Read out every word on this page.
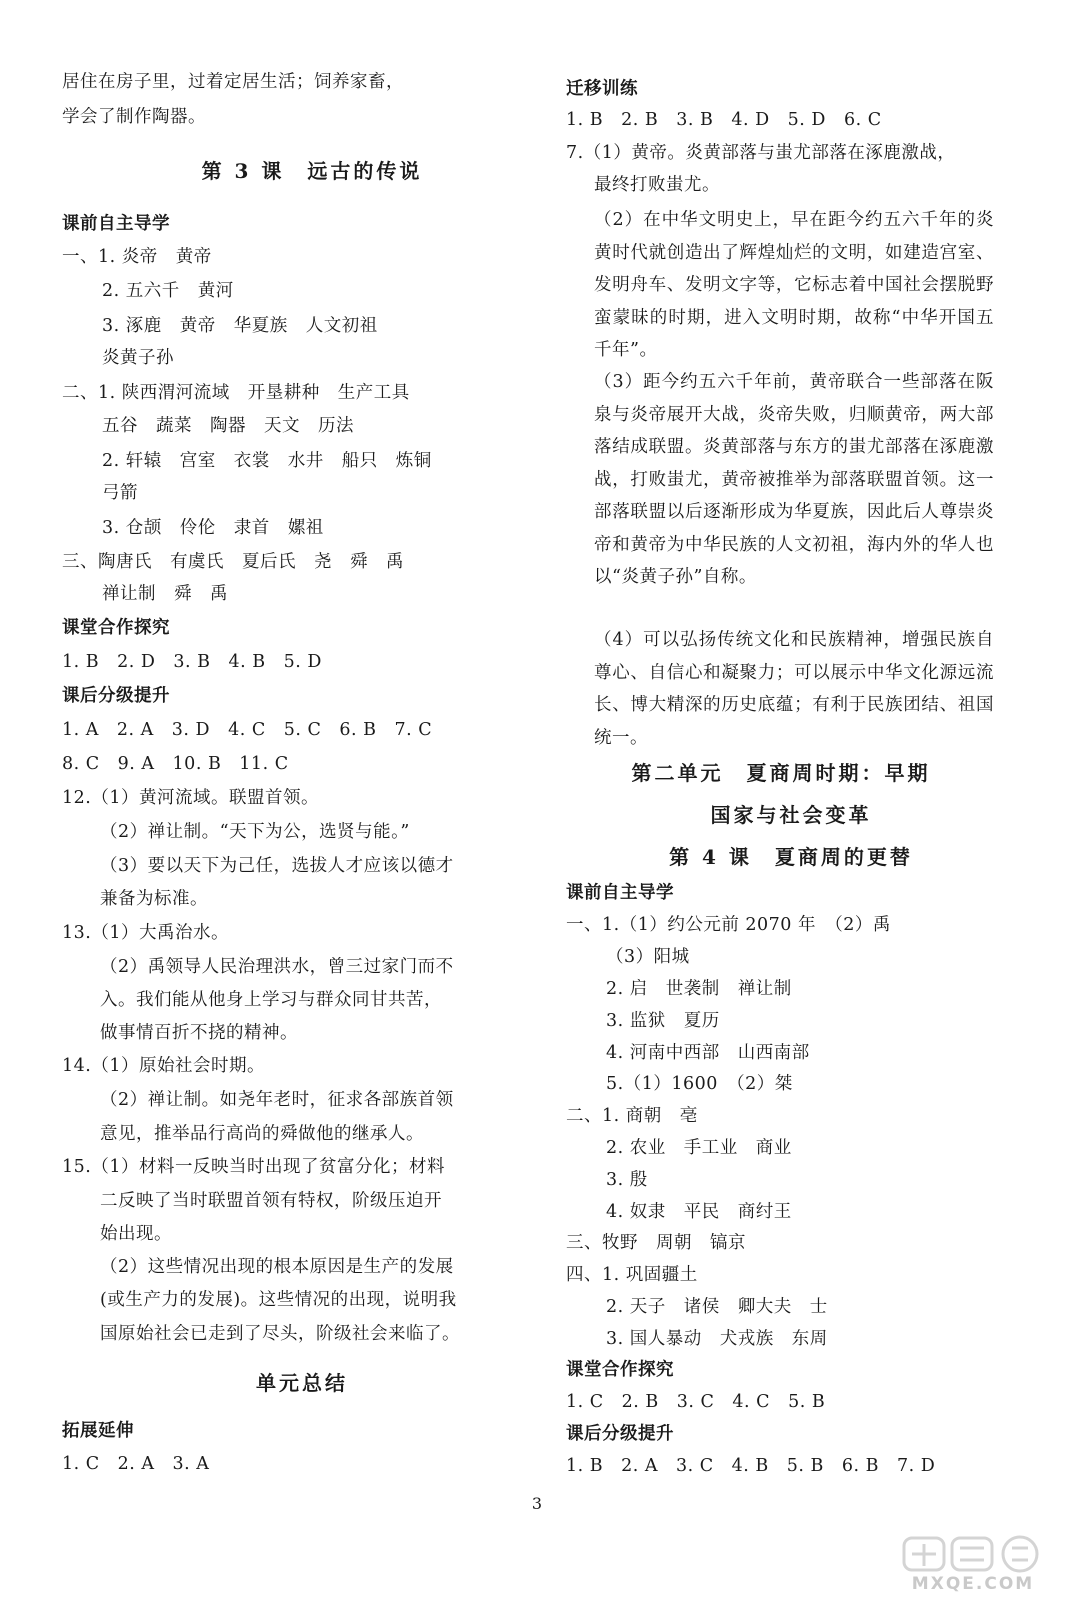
居住在房子里，过着定居生活；饲养家畜，
学会了制作陶器。
第 3 课　远古的传说
课前自主导学
一、1. 炎帝　黄帝
2. 五六千　黄河
3. 涿鹿　黄帝　华夏族　人文初祖
炎黄子孙
二、1. 陕西渭河流域　开垦耕种　生产工具
五谷　蔬菜　陶器　天文　历法
2. 轩辕　宫室　衣裳　水井　船只　炼铜
弓箭
3. 仓颉　伶伦　隶首　嫘祖
三、陶唐氏　有虞氏　夏后氏　尧　舜　禹
禅让制　舜　禹
课堂合作探究
1. B　2. D　3. B　4. B　5. D
课后分级提升
1. A　2. A　3. D　4. C　5. C　6. B　7. C
8. C　9. A　10. B　11. C
12.（1）黄河流域。联盟首领。
（2）禅让制。“天下为公，选贤与能。”
（3）要以天下为己任，选拔人才应该以德才
兼备为标准。
13.（1）大禹治水。
（2）禹领导人民治理洪水，曾三过家门而不
入。我们能从他身上学习与群众同甘共苦，
做事情百折不挠的精神。
14.（1）原始社会时期。
（2）禅让制。如尧年老时，征求各部族首领
意见，推举品行高尚的舜做他的继承人。
15.（1）材料一反映当时出现了贫富分化；材料
二反映了当时联盟首领有特权，阶级压迫开
始出现。
（2）这些情况出现的根本原因是生产的发展
(或生产力的发展)。这些情况的出现，说明我
国原始社会已走到了尽头，阶级社会来临了。
单元总结
拓展延伸
1. C　2. A　3. A
迁移训练
1. B　2. B　3. B　4. D　5. D　6. C
7.（1）黄帝。炎黄部落与蚩尤部落在涿鹿激战，
最终打败蚩尤。
（2）在中华文明史上，早在距今约五六千年的炎黄时代就创造出了辉煌灿烂的文明，如建造宫室、发明舟车、发明文字等，它标志着中国社会摆脱野蛮蒙昧的时期，进入文明时期，故称“中华开国五千年”。
（3）距今约五六千年前，黄帝联合一些部落在阪泉与炎帝展开大战，炎帝失败，归顺黄帝，两大部落结成联盟。炎黄部落与东方的蚩尤部落在涿鹿激战，打败蚩尤，黄帝被推举为部落联盟首领。这一部落联盟以后逐渐形成为华夏族，因此后人尊崇炎帝和黄帝为中华民族的人文初祖，海内外的华人也以“炎黄子孙”自称。
（4）可以弘扬传统文化和民族精神，增强民族自尊心、自信心和凝聚力；可以展示中华文化源远流长、博大精深的历史底蕴；有利于民族团结、祖国统一。
第二单元　夏商周时期：早期
国家与社会变革
第 4 课　夏商周的更替
课前自主导学
一、1.（1）约公元前 2070 年　（2）禹
（3）阳城
2. 启　世袭制　禅让制
3. 监狱　夏历
4. 河南中西部　山西南部
5.（1）1600　（2）桀
二、1. 商朝　亳
2. 农业　手工业　商业
3. 殷
4. 奴隶　平民　商纣王
三、牧野　周朝　镐京
四、1. 巩固疆土
2. 天子　诸侯　卿大夫　士
3. 国人暴动　犬戎族　东周
课堂合作探究
1. C　2. B　3. C　4. C　5. B
课后分级提升
1. B　2. A　3. C　4. B　5. B　6. B　7. D
3
MXQE.COM
